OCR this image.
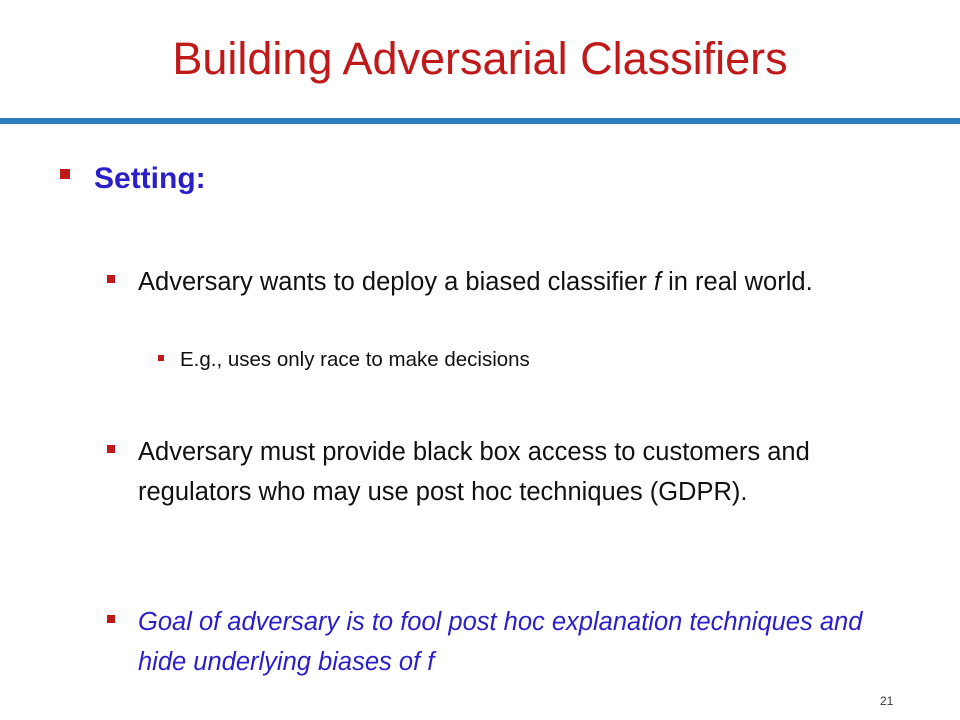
Building Adversarial Classifiers
Setting:
Adversary wants to deploy a biased classifier f in real world.
E.g., uses only race to make decisions
Adversary must provide black box access to customers and regulators who may use post hoc techniques (GDPR).
Goal of adversary is to fool post hoc explanation techniques and hide underlying biases of f
21
